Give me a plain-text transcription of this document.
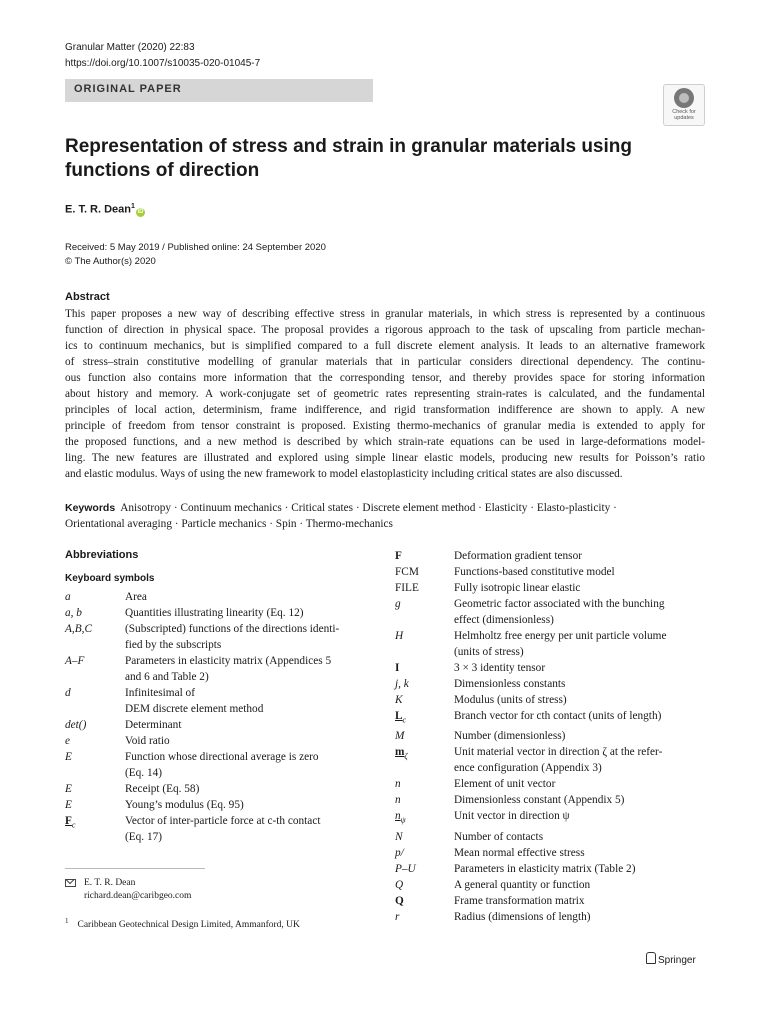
Granular Matter (2020) 22:83
https://doi.org/10.1007/s10035-020-01045-7
ORIGINAL PAPER
Check for
updates
Representation of stress and strain in granular materials using
functions of direction
E. T. R. Dean$^1$iD
Received: 5 May 2019 / Published online: 24 September 2020
© The Author(s) 2020
Abstract
This paper proposes a new way of describing effective stress in granular materials, in which stress is represented by a continuous
function of direction in physical space. The proposal provides a rigorous approach to the task of upscaling from particle mechan-
ics to continuum mechanics, but is simplified compared to a full discrete element analysis. It leads to an alternative framework
of stress–strain constitutive modelling of granular materials that in particular considers directional dependency. The continu-
ous function also contains more information that the corresponding tensor, and thereby provides space for storing information
about history and memory. A work-conjugate set of geometric rates representing strain-rates is calculated, and the fundamental
principles of local action, determinism, frame indifference, and rigid transformation indifference are shown to apply. A new
principle of freedom from tensor constraint is proposed. Existing thermo-mechanics of granular media is extended to apply for
the proposed functions, and a new method is described by which strain-rate equations can be used in large-deformations model-
ling. The new features are illustrated and explored using simple linear elastic models, producing new results for Poisson’s ratio
and elastic modulus. Ways of using the new framework to model elastoplasticity including critical states are also discussed.
Keywords Anisotropy · Continuum mechanics · Critical states · Discrete element method · Elasticity · Elasto-plasticity ·
Orientational averaging · Particle mechanics · Spin · Thermo-mechanics
Abbreviations
Keyboard symbols
a	Area
a, b	Quantities illustrating linearity (Eq. 12)
A,B,C	(Subscripted) functions of the directions identi-
fied by the subscripts
A–F	Parameters in elasticity matrix (Appendices 5
and 6 and Table 2)
d	Infinitesimal of
DEM discrete element method
det()	Determinant
e	Void ratio
E	Function whose directional average is zero
(Eq. 14)
E	Receipt (Eq. 58)
E	Young’s modulus (Eq. 95)
$F_c$	Vector of inter-particle force at c-th contact
(Eq. 17)
F	Deformation gradient tensor
FCM	Functions-based constitutive model
FILE	Fully isotropic linear elastic
g	Geometric factor associated with the bunching
effect (dimensionless)
H	Helmholtz free energy per unit particle volume
(units of stress)
I	3 × 3 identity tensor
j, k	Dimensionless constants
K	Modulus (units of stress)
$L_c$	Branch vector for cth contact (units of length)
M	Number (dimensionless)
$m_\zeta$	Unit material vector in direction ζ at the refer-
ence configuration (Appendix 3)
n	Element of unit vector
n	Dimensionless constant (Appendix 5)
$n_\psi$	Unit vector in direction ψ
N	Number of contacts
p/	Mean normal effective stress
P–U	Parameters in elasticity matrix (Table 2)
Q	A general quantity or function
Q	Frame transformation matrix
r	Radius (dimensions of length)
E. T. R. Dean
richard.dean@caribgeo.com
$^1$ Caribbean Geotechnical Design Limited, Ammanford, UK
Springer
